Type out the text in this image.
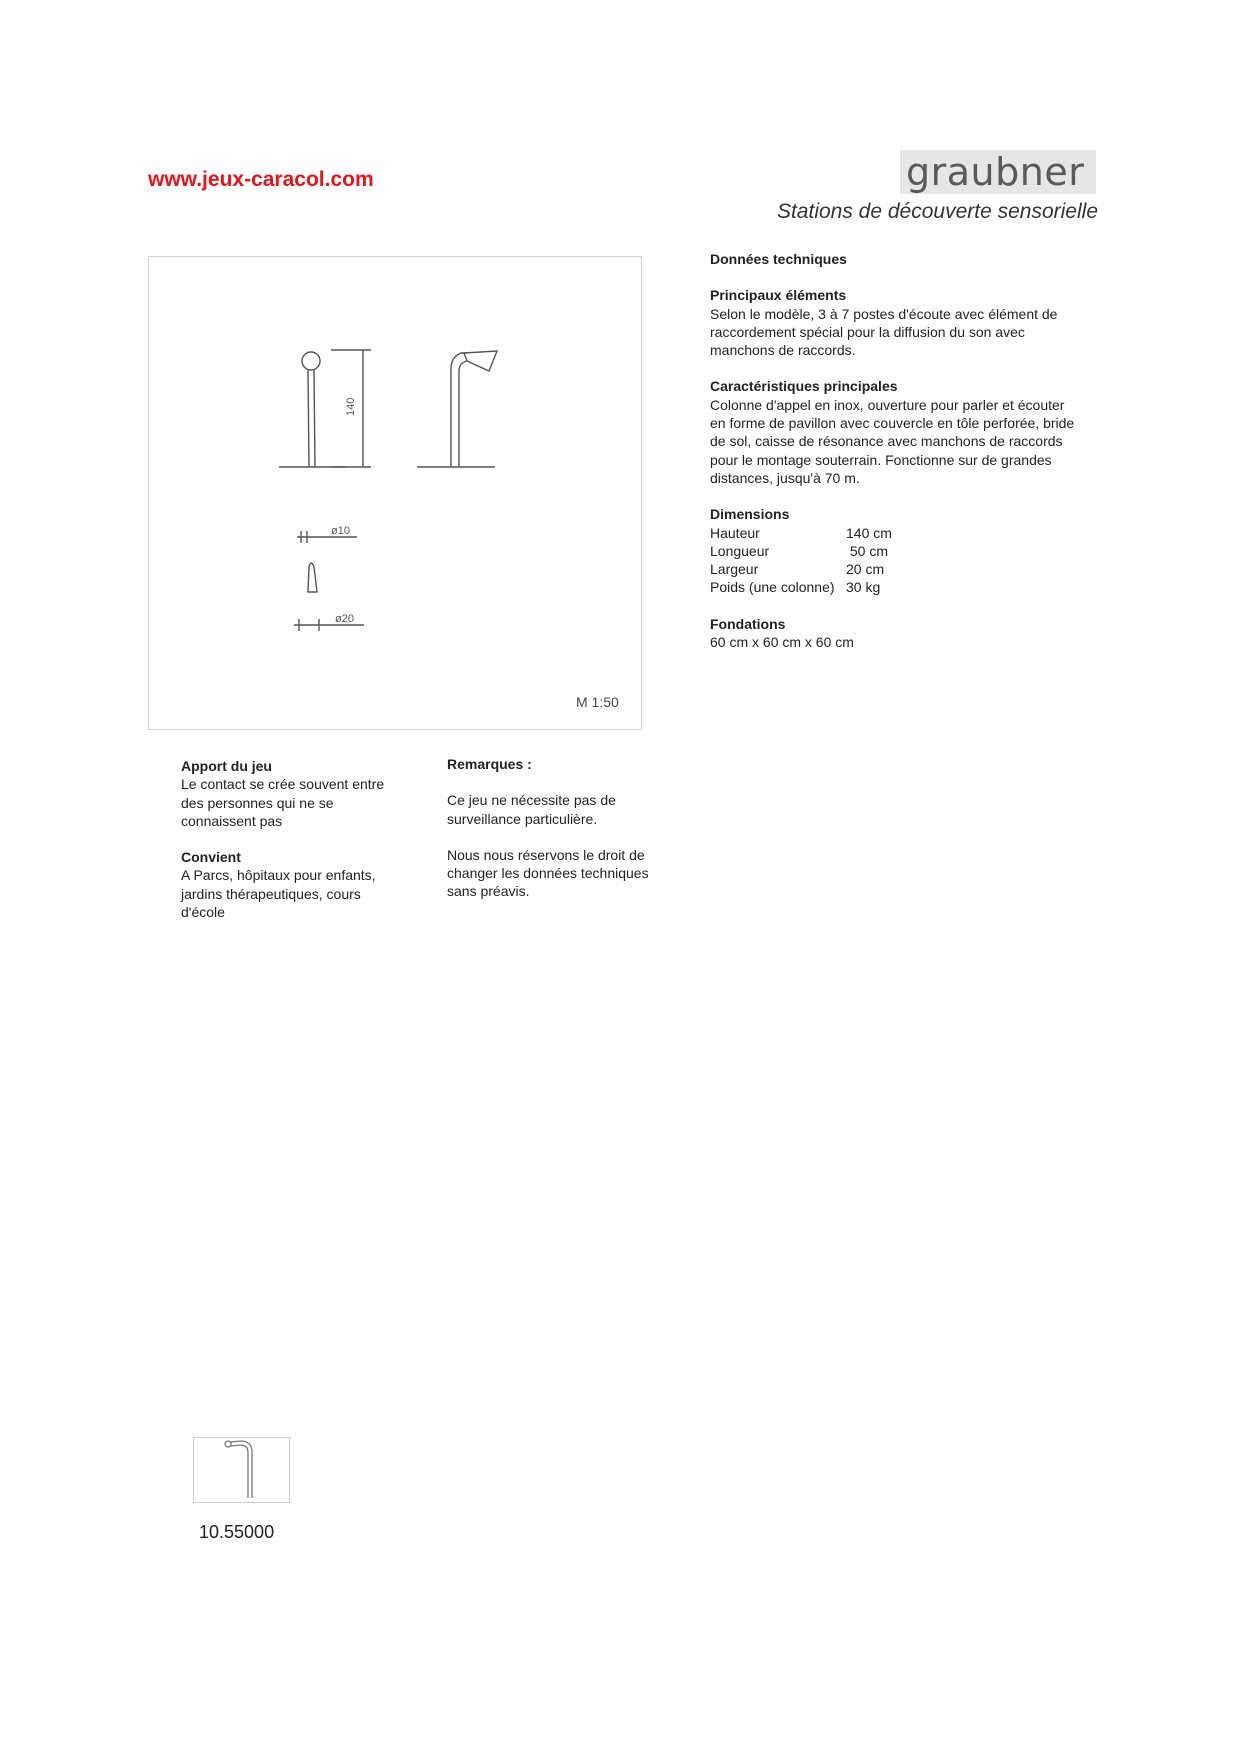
www.jeux-caracol.com	graubner
Stations de découverte sensorielle
140
ø10
ø20
M 1:50
Données techniques
Principaux éléments

Selon le modèle, 3 à 7 postes d'écoute avec élément de

raccordement spécial pour la diffusion du son avec

manchons de raccords.

Caractéristiques principales

Colonne d'appel en inox, ouverture pour parler et écouter

en forme de pavillon avec couvercle en tôle perforée, bride

de sol, caisse de résonance avec manchons de raccords

pour le montage souterrain. Fonctionne sur de grandes

distances, jusqu'à 70 m.

Dimensions
Hauteur	140 cm
Longueur	50 cm
Largeur	20 cm
Poids (une colonne) 30 kg
Fondations

60 cm x 60 cm x 60 cm

Apport du jeu

Le contact se crée souvent entre

des personnes qui ne se

connaissent pas

Convient

A Parcs, hôpitaux pour enfants,

jardins thérapeutiques, cours

d'école

Remarques :

Ce jeu ne nécessite pas de

surveillance particulière.

Nous nous réservons le droit de

changer les données techniques

sans préavis.

10.55000
